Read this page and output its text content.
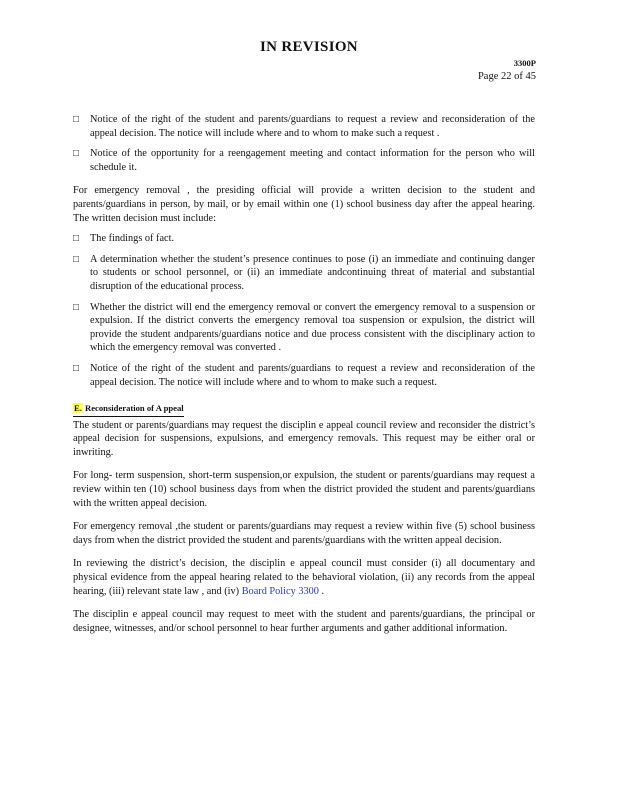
IN REVISION
3300P
Page 22 of 45
□	Notice of the right of the student and parents/guardians to request a review and reconsideration of the appeal decision. The notice will include where and to whom to make such a request .
□	Notice of the opportunity for a reengagement meeting and contact information for the person who will schedule it.

For emergency removal , the presiding official will provide a written decision to the student and parents/guardians in person, by mail, or by email within one (1) school business day after the appeal hearing. The written decision must include:

□	The findings of fact.
□	A determination whether the student’s presence continues to pose (i) an immediate and continuing danger to students or school personnel, or (ii) an immediate andcontinuing threat of material and substantial disruption of the educational process.
□	Whether the district will end the emergency removal or convert the emergency removal to a suspension or expulsion. If the district converts the emergency removal toa suspension or expulsion, the district will provide the student andparents/guardians notice and due process consistent with the disciplinary action to which the emergency removal was converted .
□	Notice of the right of the student and parents/guardians to request a review and reconsideration of the appeal decision. The notice will include where and to whom to make such a request.
E. Reconsideration of A ppeal

The student or parents/guardians may request the disciplin e appeal council review and reconsider the district’s appeal decision for suspensions, expulsions, and emergency removals. This request may be either oral or inwriting.

For long- term suspension, short-term suspension,or expulsion, the student or parents/guardians may request a review within ten (10) school business days from when the district provided the student and parents/guardians with the written appeal decision.

For emergency removal ,the student or parents/guardians may request a review within five (5) school business days from when the district provided the student and parents/guardians with the written appeal decision.

In reviewing the district’s decision, the disciplin e appeal council must consider (i) all documentary and physical evidence from the appeal hearing related to the behavioral violation, (ii) any records from the appeal hearing, (iii) relevant state law , and (iv) Board Policy 3300 .

The disciplin e appeal council may request to meet with the student and parents/guardians, the principal or designee, witnesses, and/or school personnel to hear further arguments and gather additional information.
